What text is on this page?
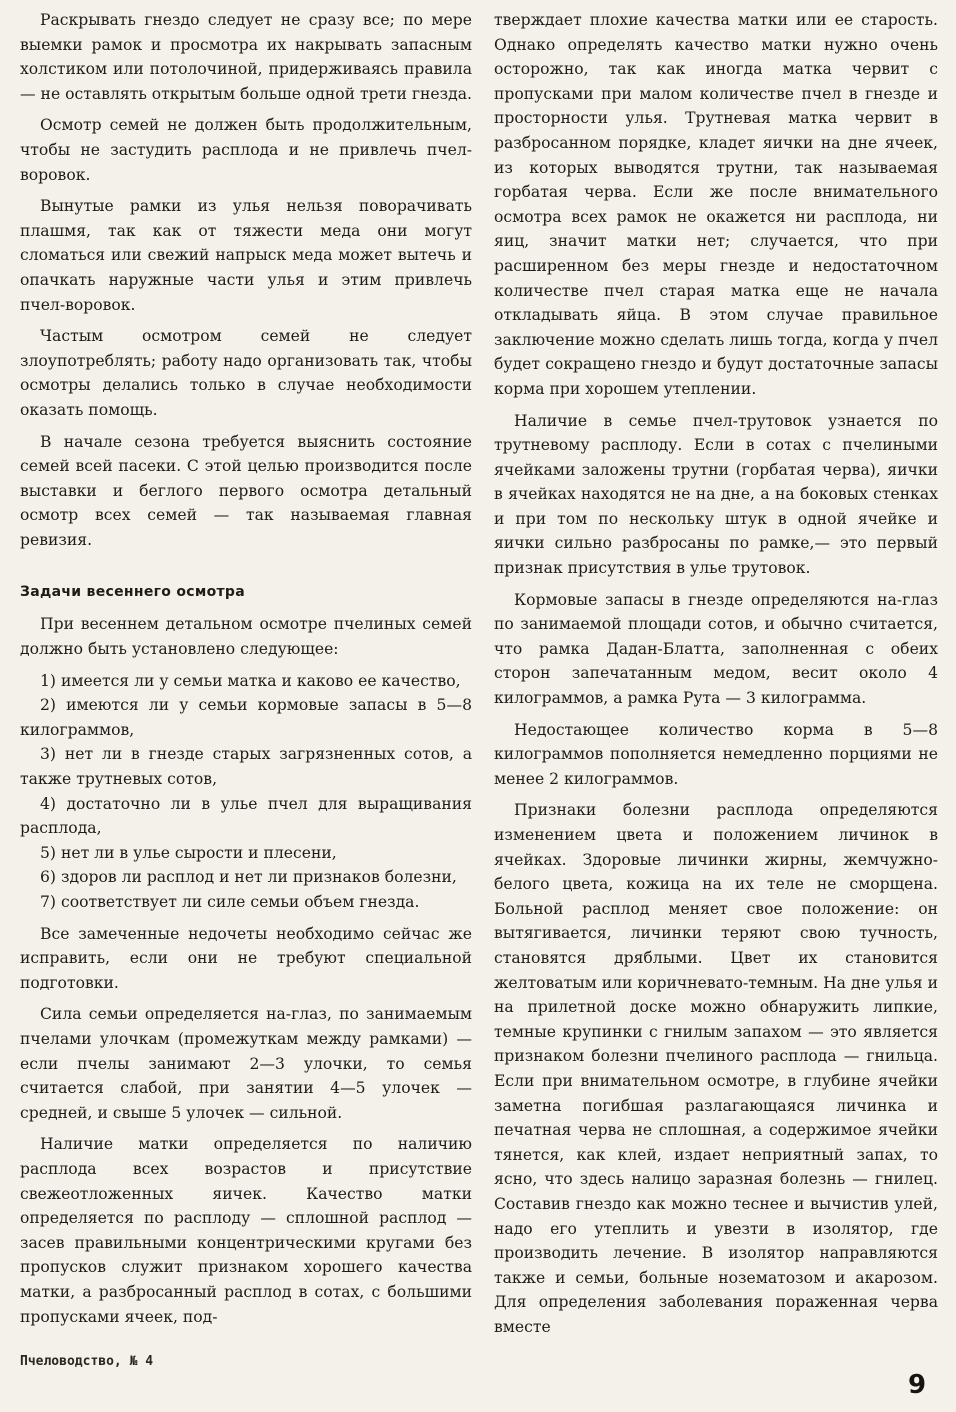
Раскрывать гнездо следует не сразу все; по мере выемки рамок и просмотра их накрывать запасным холстиком или потолочиной, придерживаясь правила — не оставлять открытым больше одной трети гнезда.

Осмотр семей не должен быть продолжительным, чтобы не застудить расплода и не привлечь пчел-воровок.

Вынутые рамки из улья нельзя поворачивать плашмя, так как от тяжести меда они могут сломаться или свежий напрыск меда может вытечь и опачкать наружные части улья и этим привлечь пчел-воровок.

Частым осмотром семей не следует злоупотреблять; работу надо организовать так, чтобы осмотры делались только в случае необходимости оказать помощь.

В начале сезона требуется выяснить состояние семей всей пасеки. С этой целью производится после выставки и беглого первого осмотра детальный осмотр всех семей — так называемая главная ревизия.

Задачи весеннего осмотра

При весеннем детальном осмотре пчелиных семей должно быть установлено следующее:

1) имеется ли у семьи матка и каково ее качество,

2) имеются ли у семьи кормовые запасы в 5—8 килограммов,

3) нет ли в гнезде старых загрязненных сотов, а также трутневых сотов,

4) достаточно ли в улье пчел для выращивания расплода,

5) нет ли в улье сырости и плесени,

6) здоров ли расплод и нет ли признаков болезни,

7) соответствует ли силе семьи объем гнезда.

Все замеченные недочеты необходимо сейчас же исправить, если они не требуют специальной подготовки.

Сила семьи определяется на-глаз, по занимаемым пчелами улочкам (промежуткам между рамками) — если пчелы занимают 2—3 улочки, то семья считается слабой, при занятии 4—5 улочек — средней, и свыше 5 улочек — сильной.

Наличие матки определяется по наличию расплода всех возрастов и присутствие свежеотложенных яичек. Качество матки определяется по расплоду — сплошной расплод — засев правильными концентрическими кругами без пропусков служит признаком хорошего качества матки, а разбросанный расплод в сотах, с большими пропусками ячеек, под-

тверждает плохие качества матки или ее старость. Однако определять качество матки нужно очень осторожно, так как иногда матка червит с пропусками при малом количестве пчел в гнезде и просторности улья. Трутневая матка червит в разбросанном порядке, кладет яички на дне ячеек, из которых выводятся трутни, так называемая горбатая черва. Если же после внимательного осмотра всех рамок не окажется ни расплода, ни яиц, значит матки нет; случается, что при расширенном без меры гнезде и недостаточном количестве пчел старая матка еще не начала откладывать яйца. В этом случае правильное заключение можно сделать лишь тогда, когда у пчел будет сокращено гнездо и будут достаточные запасы корма при хорошем утеплении.

Наличие в семье пчел-трутовок узнается по трутневому расплоду. Если в сотах с пчелиными ячейками заложены трутни (горбатая черва), яички в ячейках находятся не на дне, а на боковых стенках и при том по нескольку штук в одной ячейке и яички сильно разбросаны по рамке,— это первый признак присутствия в улье трутовок.

Кормовые запасы в гнезде определяются на-глаз по занимаемой площади сотов, и обычно считается, что рамка Дадан-Блатта, заполненная с обеих сторон запечатанным медом, весит около 4 килограммов, а рамка Рута — 3 килограмма.

Недостающее количество корма в 5—8 килограммов пополняется немедленно порциями не менее 2 килограммов.

Признаки болезни расплода определяются изменением цвета и положением личинок в ячейках. Здоровые личинки жирны, жемчужно-белого цвета, кожица на их теле не сморщена. Больной расплод меняет свое положение: он вытягивается, личинки теряют свою тучность, становятся дряблыми. Цвет их становится желтоватым или коричневато-темным. На дне улья и на прилетной доске можно обнаружить липкие, темные крупинки с гнилым запахом — это является признаком болезни пчелиного расплода — гнильца. Если при внимательном осмотре, в глубине ячейки заметна погибшая разлагающаяся личинка и печатная черва не сплошная, а содержимое ячейки тянется, как клей, издает неприятный запах, то ясно, что здесь налицо заразная болезнь — гнилец. Составив гнездо как можно теснее и вычистив улей, надо его утеплить и увезти в изолятор, где производить лечение. В изолятор направляются также и семьи, больные нозематозом и акарозом. Для определения заболевания пораженная черва вместе

Пчеловодство, № 4
9
